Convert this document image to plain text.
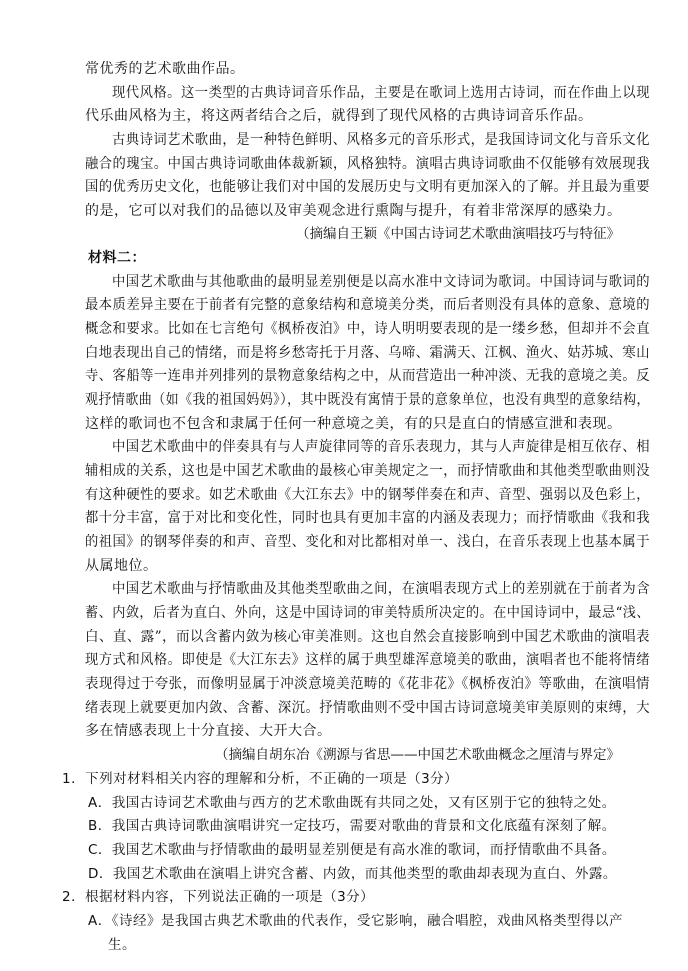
常优秀的艺术歌曲作品。
现代风格。这一类型的古典诗词音乐作品，主要是在歌词上选用古诗词，而在作曲上以现
代乐曲风格为主，将这两者结合之后，就得到了现代风格的古典诗词音乐作品。
古典诗词艺术歌曲，是一种特色鲜明、风格多元的音乐形式，是我国诗词文化与音乐文化
融合的瑰宝。中国古典诗词歌曲体裁新颖，风格独特。演唱古典诗词歌曲不仅能够有效展现我
国的优秀历史文化，也能够让我们对中国的发展历史与文明有更加深入的了解。并且最为重要
的是，它可以对我们的品德以及审美观念进行熏陶与提升，有着非常深厚的感染力。
（摘编自王颖《中国古诗词艺术歌曲演唱技巧与特征》
材料二：
中国艺术歌曲与其他歌曲的最明显差别便是以高水准中文诗词为歌词。中国诗词与歌词的
最本质差异主要在于前者有完整的意象结构和意境美分类，而后者则没有具体的意象、意境的
概念和要求。比如在七言绝句《枫桥夜泊》中，诗人明明要表现的是一缕乡愁，但却并不会直
白地表现出自己的情绪，而是将乡愁寄托于月落、乌啼、霜满天、江枫、渔火、姑苏城、寒山
寺、客船等一连串并列排列的景物意象结构之中，从而营造出一种冲淡、无我的意境之美。反
观抒情歌曲（如《我的祖国妈妈》），其中既没有寓情于景的意象单位，也没有典型的意象结构，
这样的歌词也不包含和隶属于任何一种意境之美，有的只是直白的情感宣泄和表现。
中国艺术歌曲中的伴奏具有与人声旋律同等的音乐表现力，其与人声旋律是相互依存、相
辅相成的关系，这也是中国艺术歌曲的最核心审美规定之一，而抒情歌曲和其他类型歌曲则没
有这种硬性的要求。如艺术歌曲《大江东去》中的钢琴伴奏在和声、音型、强弱以及色彩上，
都十分丰富，富于对比和变化性，同时也具有更加丰富的内涵及表现力；而抒情歌曲《我和我
的祖国》的钢琴伴奏的和声、音型、变化和对比都相对单一、浅白，在音乐表现上也基本属于
从属地位。
中国艺术歌曲与抒情歌曲及其他类型歌曲之间，在演唱表现方式上的差别就在于前者为含
蓄、内敛，后者为直白、外向，这是中国诗词的审美特质所决定的。在中国诗词中，最忌“浅、
白、直、露”，而以含蓄内敛为核心审美准则。这也自然会直接影响到中国艺术歌曲的演唱表
现方式和风格。即使是《大江东去》这样的属于典型雄浑意境美的歌曲，演唱者也不能将情绪
表现得过于夸张，而像明显属于冲淡意境美范畴的《花非花》《枫桥夜泊》等歌曲，在演唱情
绪表现上就要更加内敛、含蓄、深沉。抒情歌曲则不受中国古诗词意境美审美原则的束缚，大
多在情感表现上十分直接、大开大合。
（摘编自胡东冶《溯源与省思——中国艺术歌曲概念之厘清与界定》
1．下列对材料相关内容的理解和分析，不正确的一项是（3分）
A．我国古诗词艺术歌曲与西方的艺术歌曲既有共同之处，又有区别于它的独特之处。
B．我国古典诗词歌曲演唱讲究一定技巧，需要对歌曲的背景和文化底蕴有深刻了解。
C．我国艺术歌曲与抒情歌曲的最明显差别便是有高水准的歌词，而抒情歌曲不具备。
D．我国艺术歌曲在演唱上讲究含蓄、内敛，而其他类型的歌曲却表现为直白、外露。
2．根据材料内容，下列说法正确的一项是（3分）
A．《诗经》是我国古典艺术歌曲的代表作，受它影响，融合唱腔，戏曲风格类型得以产
生。
